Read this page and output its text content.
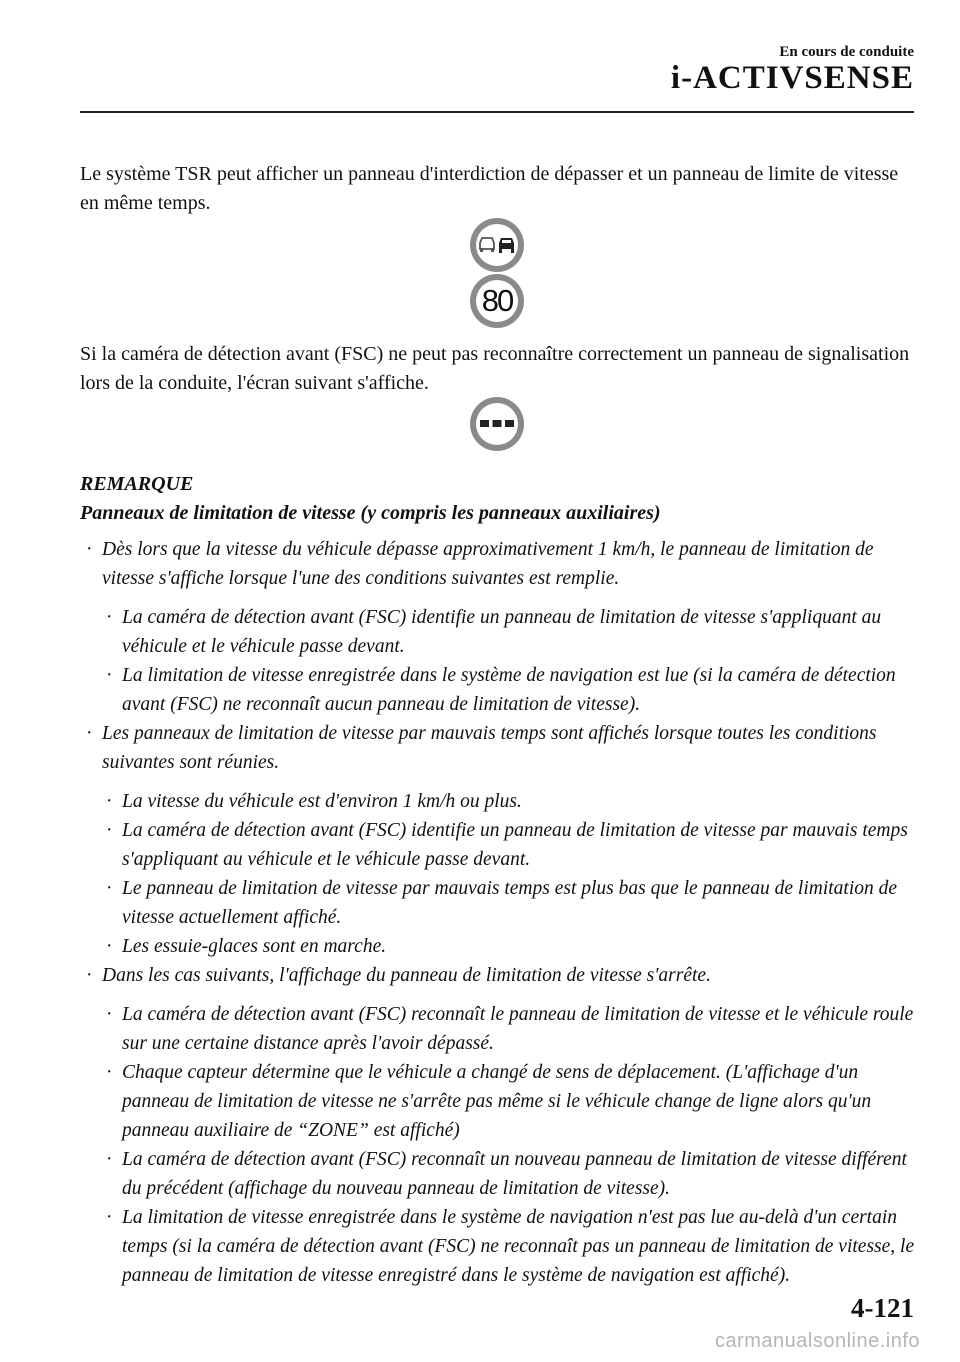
En cours de conduite
i-ACTIVSENSE
Le système TSR peut afficher un panneau d'interdiction de dépasser et un panneau de limite de vitesse en même temps.
80
Si la caméra de détection avant (FSC) ne peut pas reconnaître correctement un panneau de signalisation lors de la conduite, l'écran suivant s'affiche.
REMARQUE
Panneaux de limitation de vitesse (y compris les panneaux auxiliaires)
· Dès lors que la vitesse du véhicule dépasse approximativement 1 km/h, le panneau de limitation de vitesse s'affiche lorsque l'une des conditions suivantes est remplie.
· La caméra de détection avant (FSC) identifie un panneau de limitation de vitesse s'appliquant au véhicule et le véhicule passe devant.
· La limitation de vitesse enregistrée dans le système de navigation est lue (si la caméra de détection avant (FSC) ne reconnaît aucun panneau de limitation de vitesse).
· Les panneaux de limitation de vitesse par mauvais temps sont affichés lorsque toutes les conditions suivantes sont réunies.
· La vitesse du véhicule est d'environ 1 km/h ou plus.
· La caméra de détection avant (FSC) identifie un panneau de limitation de vitesse par mauvais temps s'appliquant au véhicule et le véhicule passe devant.
· Le panneau de limitation de vitesse par mauvais temps est plus bas que le panneau de limitation de vitesse actuellement affiché.
· Les essuie-glaces sont en marche.
· Dans les cas suivants, l'affichage du panneau de limitation de vitesse s'arrête.
· La caméra de détection avant (FSC) reconnaît le panneau de limitation de vitesse et le véhicule roule sur une certaine distance après l'avoir dépassé.
· Chaque capteur détermine que le véhicule a changé de sens de déplacement. (L'affichage d'un panneau de limitation de vitesse ne s'arrête pas même si le véhicule change de ligne alors qu'un panneau auxiliaire de “ZONE” est affiché)
· La caméra de détection avant (FSC) reconnaît un nouveau panneau de limitation de vitesse différent du précédent (affichage du nouveau panneau de limitation de vitesse).
· La limitation de vitesse enregistrée dans le système de navigation n'est pas lue au-delà d'un certain temps (si la caméra de détection avant (FSC) ne reconnaît pas un panneau de limitation de vitesse, le panneau de limitation de vitesse enregistré dans le système de navigation est affiché).
4-121
carmanualsonline.info
